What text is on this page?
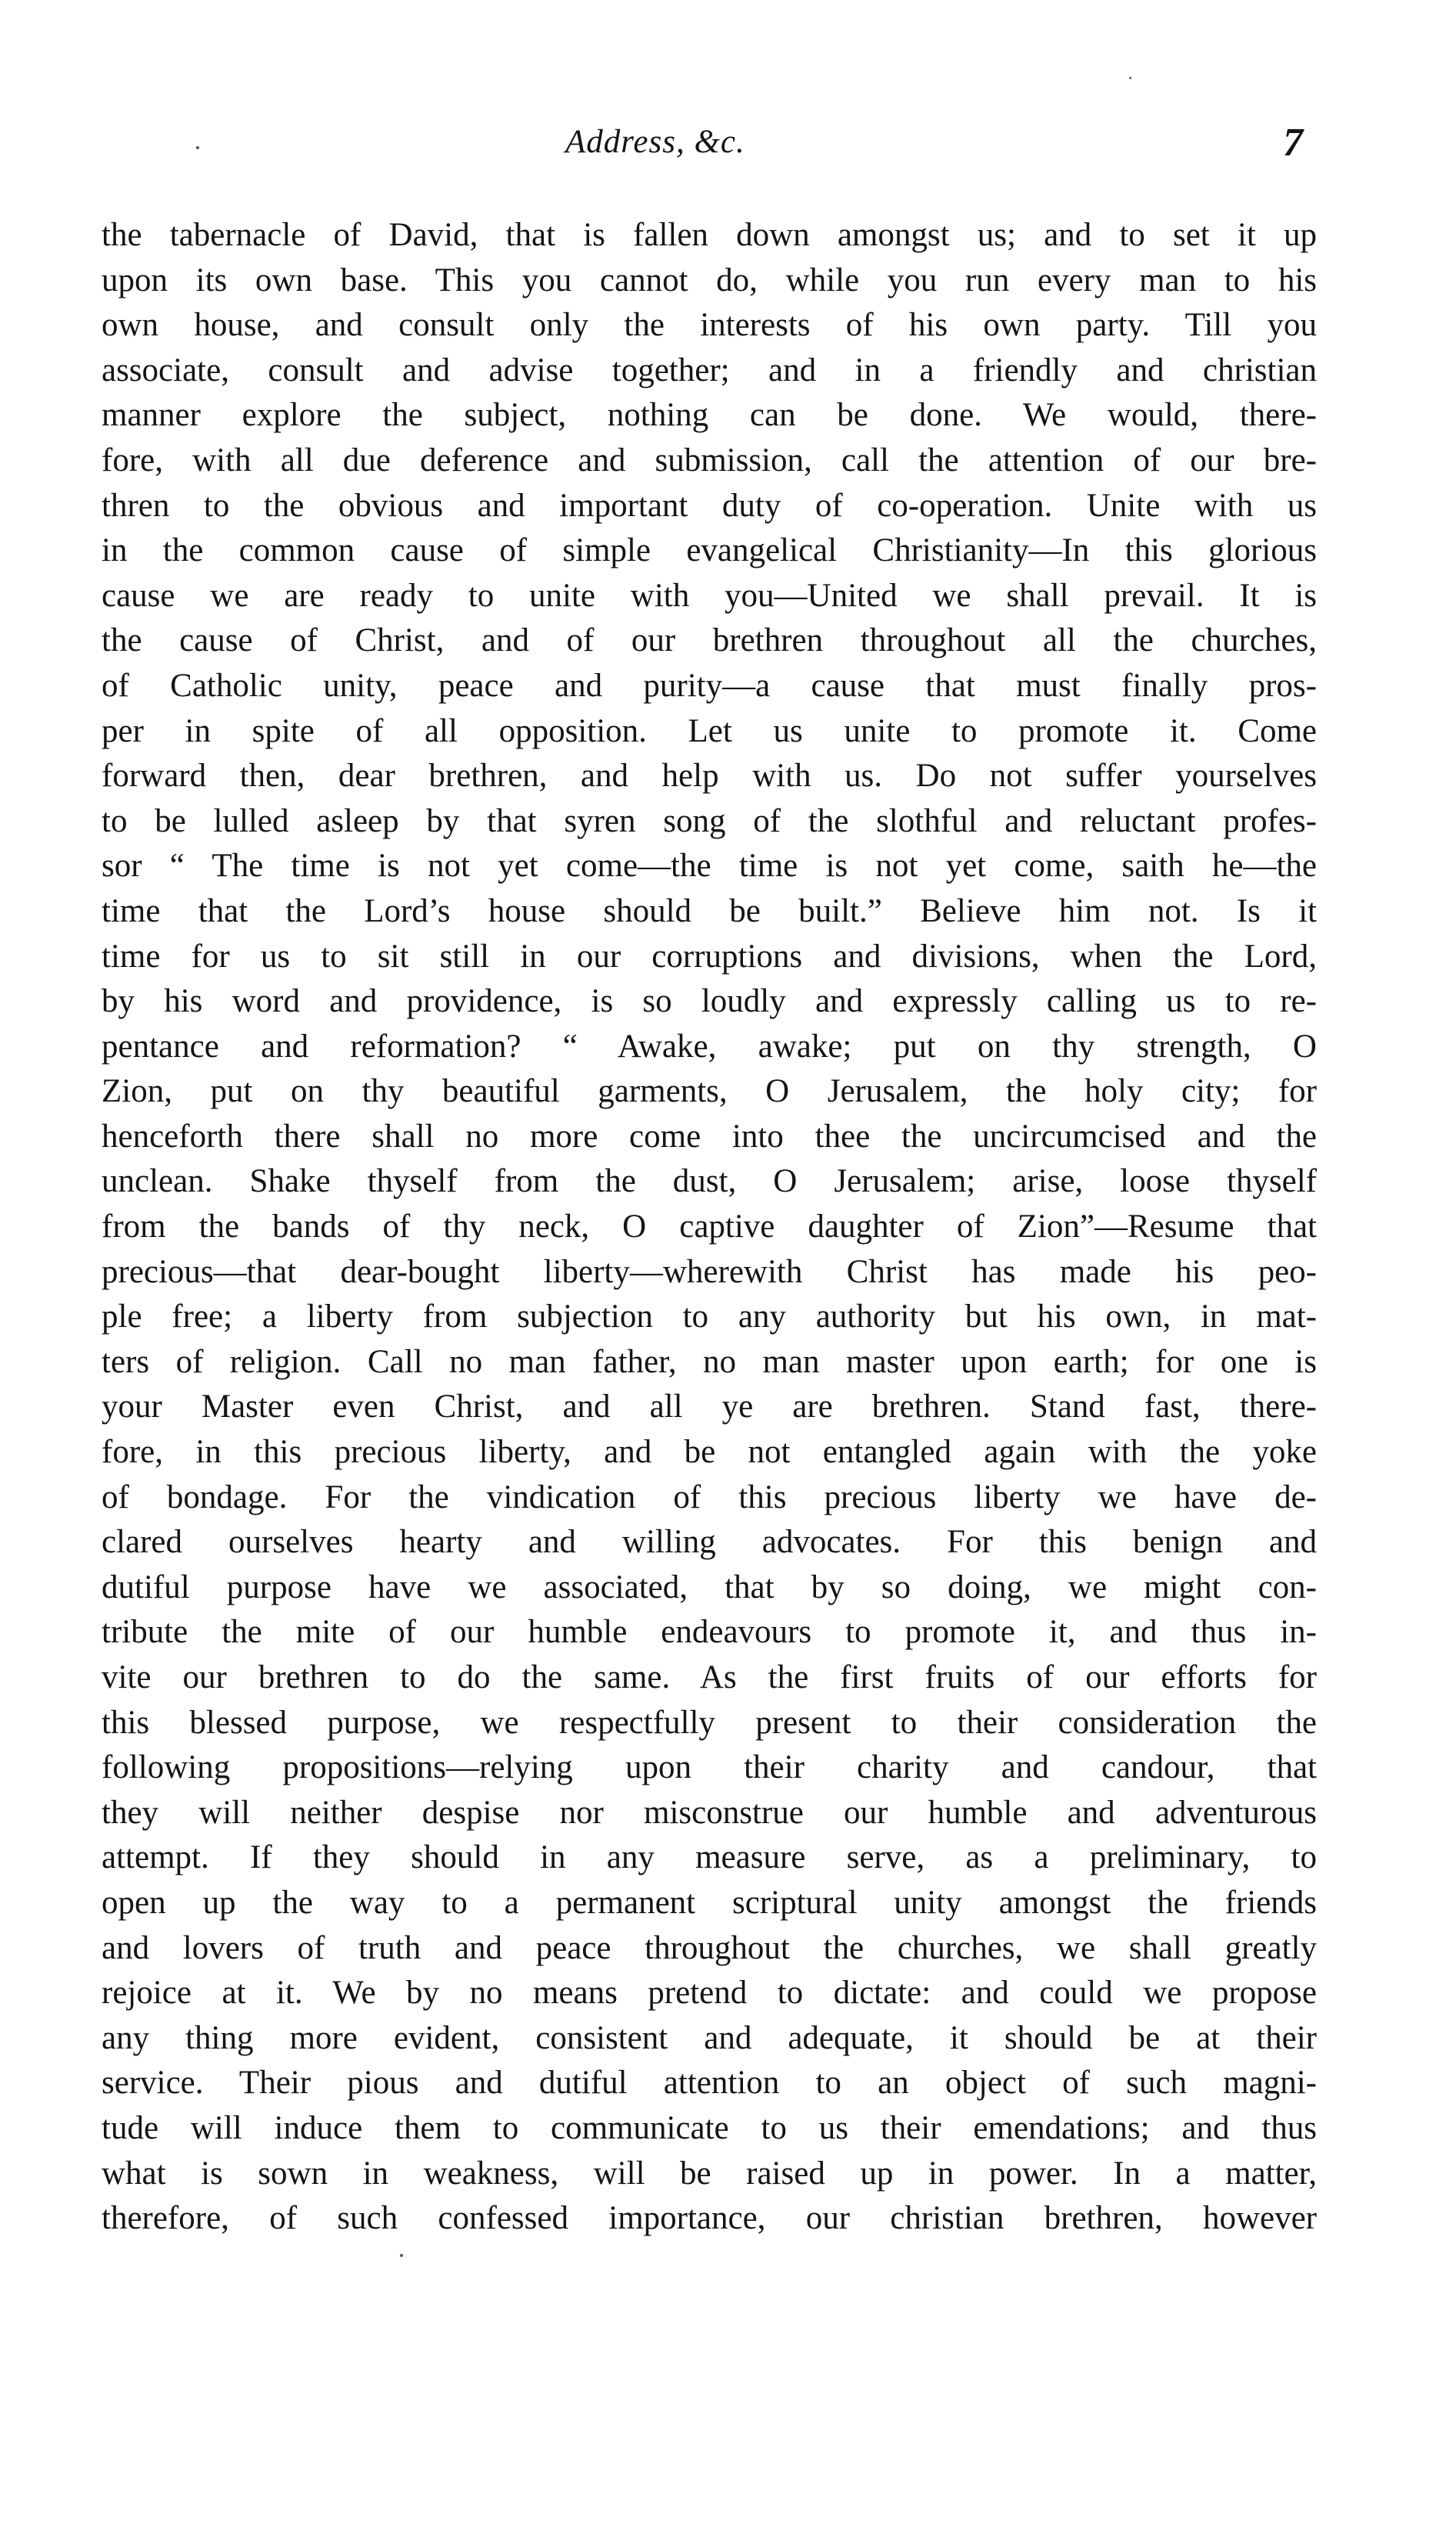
Address, &c.	7
the tabernacle of David, that is fallen down amongst us; and to set it up
upon its own base. This you cannot do, while you run every man to his
own house, and consult only the interests of his own party. Till you
associate, consult and advise together; and in a friendly and christian
manner explore the subject, nothing can be done. We would, there-
fore, with all due deference and submission, call the attention of our bre-
thren to the obvious and important duty of co-operation. Unite with us
in the common cause of simple evangelical Christianity—In this glorious
cause we are ready to unite with you—United we shall prevail. It is
the cause of Christ, and of our brethren throughout all the churches,
of Catholic unity, peace and purity—a cause that must finally pros-
per in spite of all opposition. Let us unite to promote it. Come
forward then, dear brethren, and help with us. Do not suffer yourselves
to be lulled asleep by that syren song of the slothful and reluctant profes-
sor “ The time is not yet come—the time is not yet come, saith he—the
time that the Lord’s house should be built.” Believe him not. Is it
time for us to sit still in our corruptions and divisions, when the Lord,
by his word and providence, is so loudly and expressly calling us to re-
pentance and reformation? “ Awake, awake; put on thy strength, O
Zion, put on thy beautiful garments, O Jerusalem, the holy city; for
henceforth there shall no more come into thee the uncircumcised and the
unclean. Shake thyself from the dust, O Jerusalem; arise, loose thyself
from the bands of thy neck, O captive daughter of Zion”—Resume that
precious—that dear-bought liberty—wherewith Christ has made his peo-
ple free; a liberty from subjection to any authority but his own, in mat-
ters of religion. Call no man father, no man master upon earth; for one is
your Master even Christ, and all ye are brethren. Stand fast, there-
fore, in this precious liberty, and be not entangled again with the yoke
of bondage. For the vindication of this precious liberty we have de-
clared ourselves hearty and willing advocates. For this benign and
dutiful purpose have we associated, that by so doing, we might con-
tribute the mite of our humble endeavours to promote it, and thus in-
vite our brethren to do the same. As the first fruits of our efforts for
this blessed purpose, we respectfully present to their consideration the
following propositions—relying upon their charity and candour, that
they will neither despise nor misconstrue our humble and adventurous
attempt. If they should in any measure serve, as a preliminary, to
open up the way to a permanent scriptural unity amongst the friends
and lovers of truth and peace throughout the churches, we shall greatly
rejoice at it. We by no means pretend to dictate: and could we propose
any thing more evident, consistent and adequate, it should be at their
service. Their pious and dutiful attention to an object of such magni-
tude will induce them to communicate to us their emendations; and thus
what is sown in weakness, will be raised up in power. In a matter,
therefore, of such confessed importance, our christian brethren, however
